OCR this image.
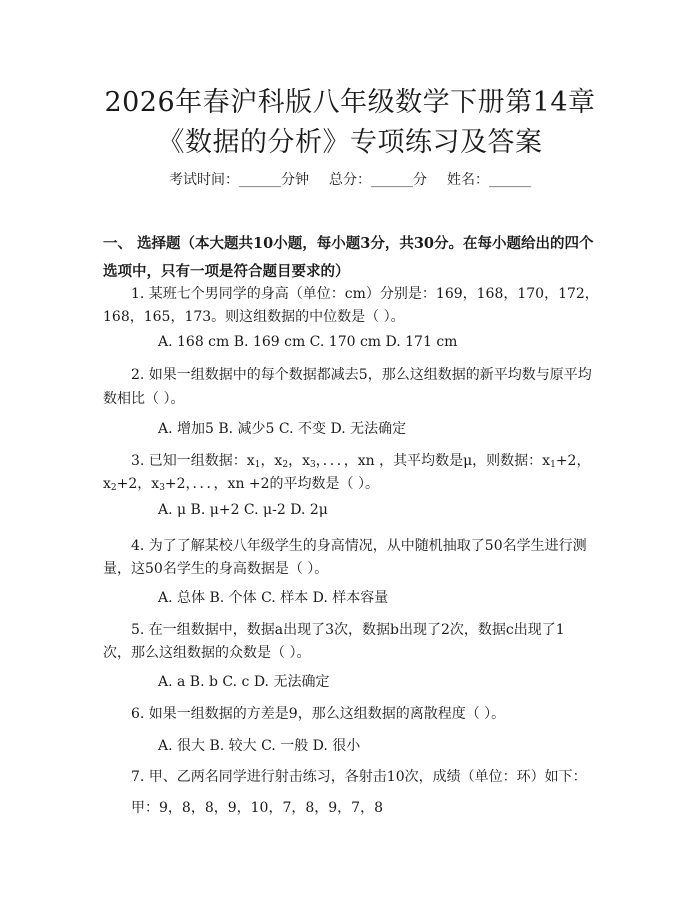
2026年春沪科版八年级数学下册第14章
《数据的分析》专项练习及答案
考试时间：______分钟 总分：______分 姓名：______
一、 选择题（本大题共10小题，每小题3分，共30分。在每小题给出的四个选项中，只有一项是符合题目要求的）
1. 某班七个男同学的身高（单位：cm）分别是：169，168，170，172，
168，165，173。则这组数据的中位数是（ ）。
A. 168 cm B. 169 cm C. 170 cm D. 171 cm
2. 如果一组数据中的每个数据都减去5，那么这组数据的新平均数与原平均
数相比（ ）。
A. 增加5 B. 减少5 C. 不变 D. 无法确定
3. 已知一组数据：$x_1$，$x_2$，$x_3$，．．．，xn ，其平均数是μ，则数据：$x_1+2$，
$x_2+2$，$x_3+2$，．．．，xn +2的平均数是（ ）。
A. μ B. μ+2 C. μ-2 D. 2μ
4. 为了了解某校八年级学生的身高情况，从中随机抽取了50名学生进行测
量，这50名学生的身高数据是（ ）。
A. 总体 B. 个体 C. 样本 D. 样本容量
5. 在一组数据中，数据a出现了3次，数据b出现了2次，数据c出现了1
次，那么这组数据的众数是（ ）。
A. a B. b C. c D. 无法确定
6. 如果一组数据的方差是9，那么这组数据的离散程度（ ）。
A. 很大 B. 较大 C. 一般 D. 很小
7. 甲、乙两名同学进行射击练习，各射击10次，成绩（单位：环）如下：
甲：9，8，8，9，10，7，8，9，7，8
